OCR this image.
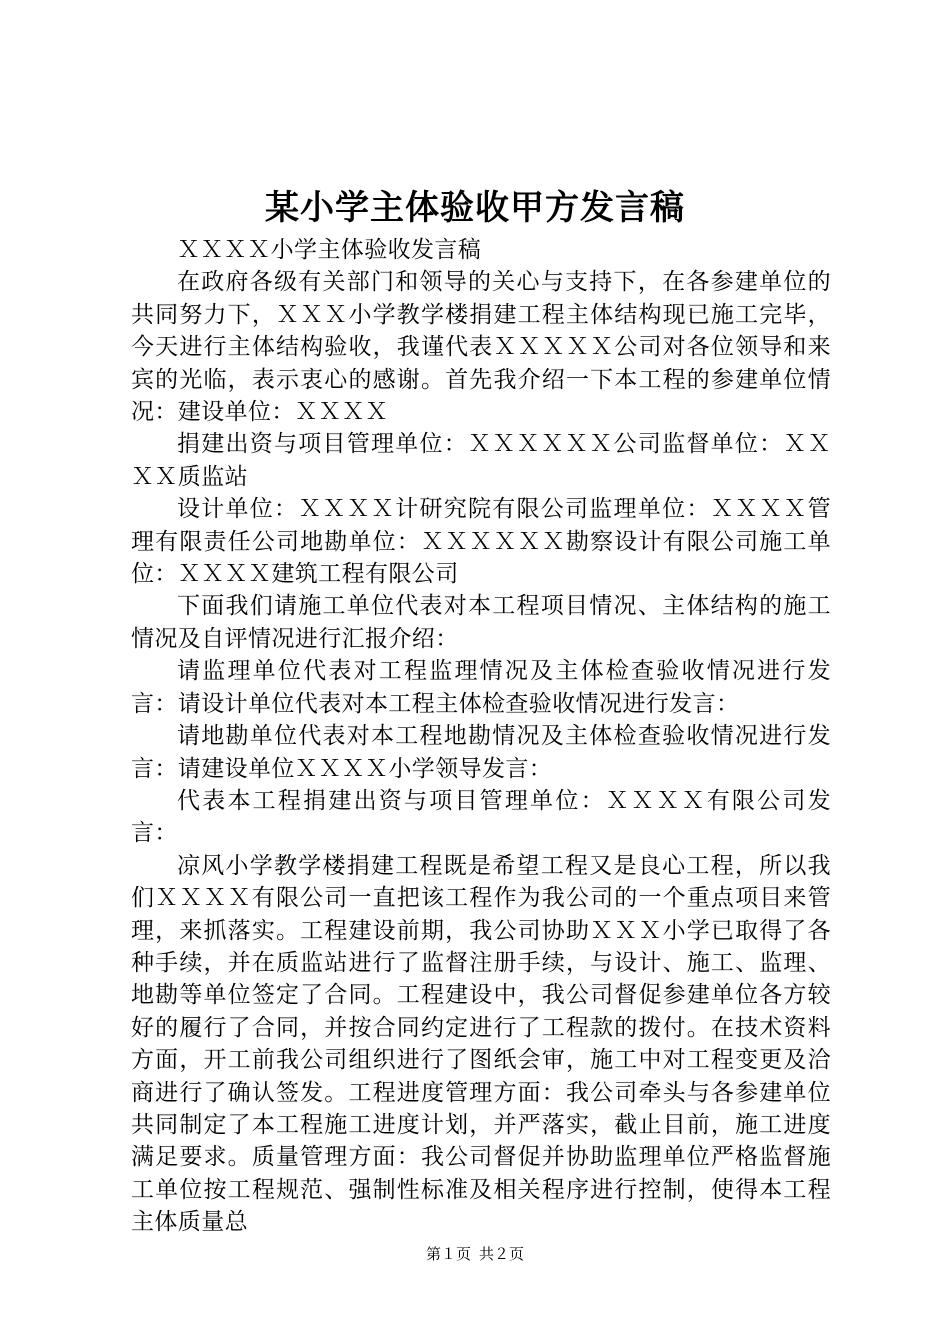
某小学主体验收甲方发言稿

ＸＸＸＸ小学主体验收发言稿

在政府各级有关部门和领导的关心与支持下，在各参建单位的共同努力下，ＸＸＸ小学教学楼捐建工程主体结构现已施工完毕，今天进行主体结构验收，我谨代表ＸＸＸＸＸ公司对各位领导和来宾的光临，表示衷心的感谢。首先我介绍一下本工程的参建单位情况：建设单位：ＸＸＸＸ

捐建出资与项目管理单位：ＸＸＸＸＸＸ公司监督单位：ＸＸＸＸ质监站

设计单位：ＸＸＸＸ计研究院有限公司监理单位：ＸＸＸＸ管理有限责任公司地勘单位：ＸＸＸＸＸＸ勘察设计有限公司施工单位：ＸＸＸＸ建筑工程有限公司

下面我们请施工单位代表对本工程项目情况、主体结构的施工情况及自评情况进行汇报介绍：

请监理单位代表对工程监理情况及主体检查验收情况进行发言：请设计单位代表对本工程主体检查验收情况进行发言：

请地勘单位代表对本工程地勘情况及主体检查验收情况进行发言：请建设单位ＸＸＸＸ小学领导发言：

代表本工程捐建出资与项目管理单位：ＸＸＸＸ有限公司发言：

凉风小学教学楼捐建工程既是希望工程又是良心工程，所以我们ＸＸＸＸ有限公司一直把该工程作为我公司的一个重点项目来管理，来抓落实。工程建设前期，我公司协助ＸＸＸ小学已取得了各种手续，并在质监站进行了监督注册手续，与设计、施工、监理、地勘等单位签定了合同。工程建设中，我公司督促参建单位各方较好的履行了合同，并按合同约定进行了工程款的拨付。在技术资料方面，开工前我公司组织进行了图纸会审，施工中对工程变更及洽商进行了确认签发。工程进度管理方面：我公司牵头与各参建单位共同制定了本工程施工进度计划，并严落实，截止目前，施工进度满足要求。质量管理方面：我公司督促并协助监理单位严格监督施工单位按工程规范、强制性标准及相关程序进行控制，使得本工程主体质量总

第１页 共２页
